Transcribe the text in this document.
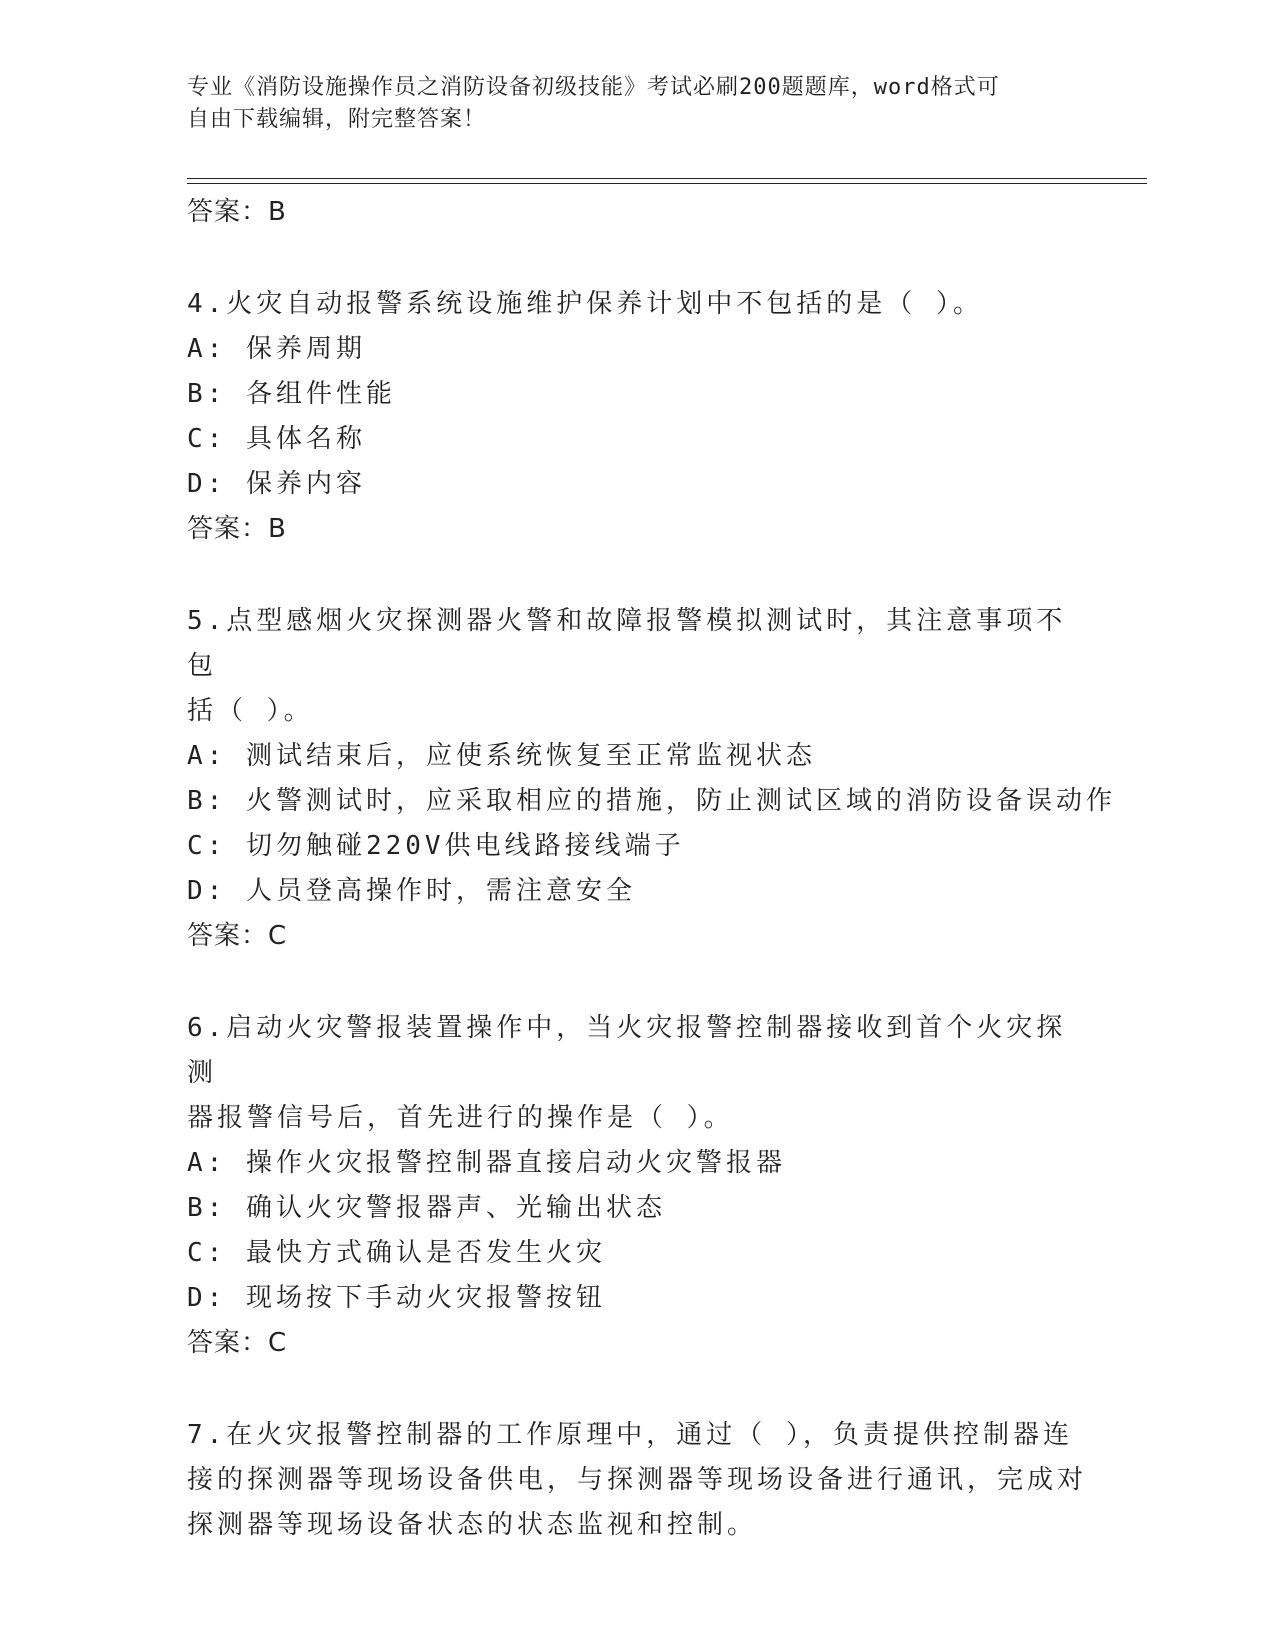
专业《消防设施操作员之消防设备初级技能》考试必刷200题题库，word格式可
自由下载编辑，附完整答案！
答案：B
4.火灾自动报警系统设施维护保养计划中不包括的是（ ）。
A: 保养周期
B: 各组件性能
C: 具体名称
D: 保养内容
答案：B
5.点型感烟火灾探测器火警和故障报警模拟测试时，其注意事项不包
括（ ）。
A: 测试结束后，应使系统恢复至正常监视状态
B: 火警测试时，应采取相应的措施，防止测试区域的消防设备误动作
C: 切勿触碰220V供电线路接线端子
D: 人员登高操作时，需注意安全
答案：C
6.启动火灾警报装置操作中，当火灾报警控制器接收到首个火灾探测
器报警信号后，首先进行的操作是（ ）。
A: 操作火灾报警控制器直接启动火灾警报器
B: 确认火灾警报器声、光输出状态
C: 最快方式确认是否发生火灾
D: 现场按下手动火灾报警按钮
答案：C
7.在火灾报警控制器的工作原理中，通过（ ），负责提供控制器连
接的探测器等现场设备供电，与探测器等现场设备进行通讯，完成对
探测器等现场设备状态的状态监视和控制。
